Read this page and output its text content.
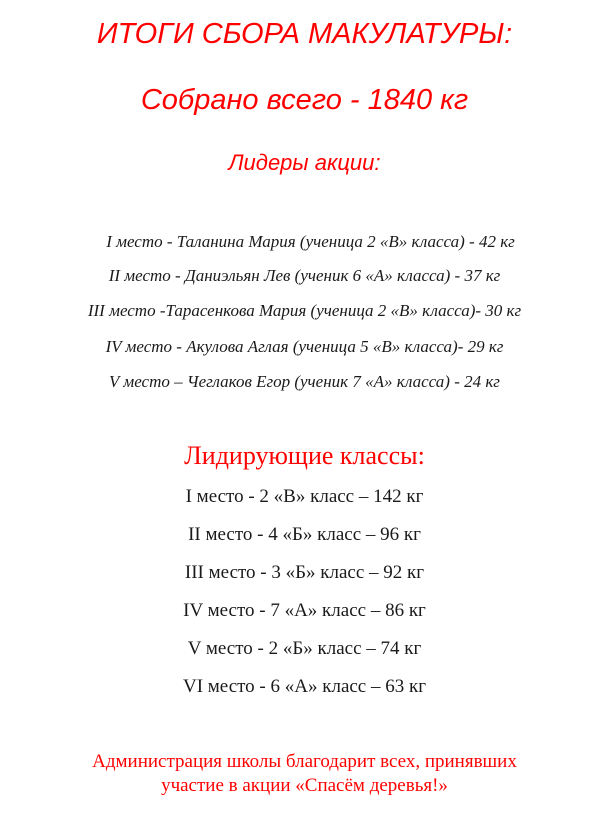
ИТОГИ СБОРА МАКУЛАТУРЫ:
Собрано всего - 1840 кг
Лидеры акции:
I место - Таланина Мария (ученица 2 «В» класса) - 42 кг
II место - Даниэльян Лев (ученик 6 «А» класса) - 37 кг
III место -Тарасенкова Мария (ученица 2 «В» класса)- 30 кг
IV место - Акулова Аглая (ученица 5 «В» класса)- 29 кг
V место – Чеглаков Егор (ученик 7 «А» класса) - 24 кг
Лидирующие классы:
I место - 2 «В» класс – 142 кг
II место - 4 «Б» класс – 96 кг
III место - 3 «Б» класс – 92 кг
IV место - 7 «А» класс – 86 кг
V место - 2 «Б» класс – 74 кг
VI место - 6 «А» класс – 63 кг
Администрация школы благодарит всех, принявших
участие в акции «Спасём деревья!»
